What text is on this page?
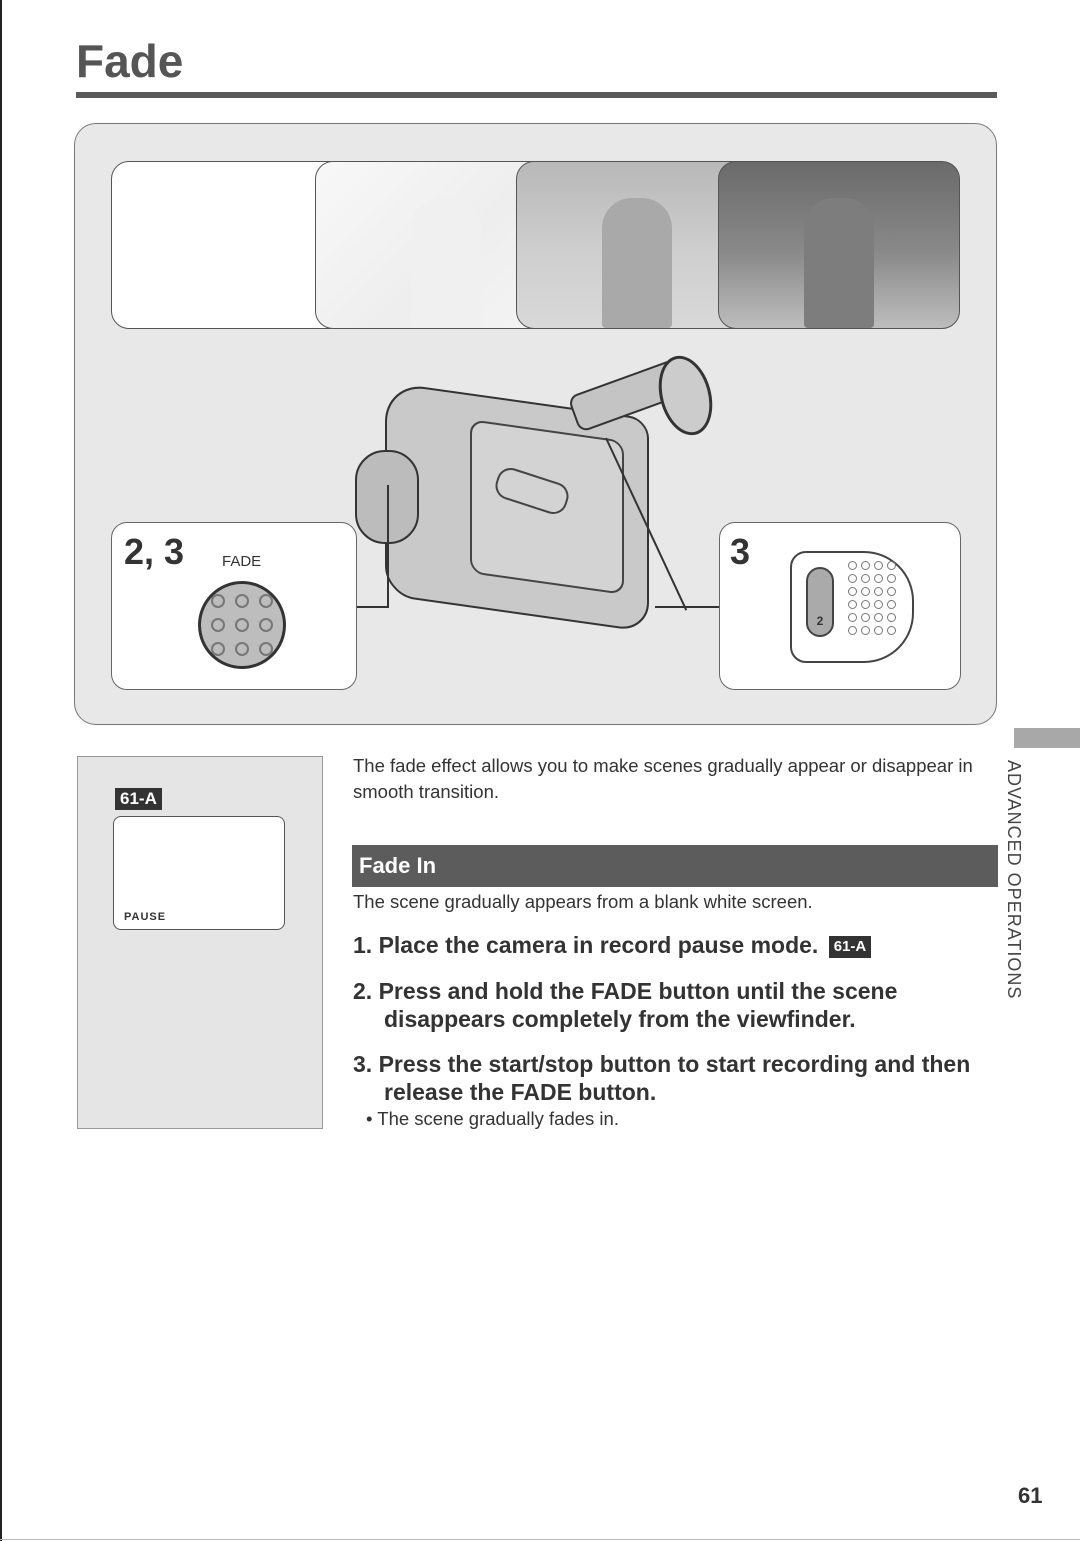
Fade
2, 3	FADE	3
2
61-A
PAUSE
The fade effect allows you to make scenes gradually appear or disappear in smooth transition.
Fade In
The scene gradually appears from a blank white screen.
1. Place the camera in record pause mode. 61-A
2. Press and hold the FADE button until the scene disappears completely from the viewfinder.
3. Press the start/stop button to start recording and then release the FADE button.
• The scene gradually fades in.
ADVANCED OPERATIONS
61
